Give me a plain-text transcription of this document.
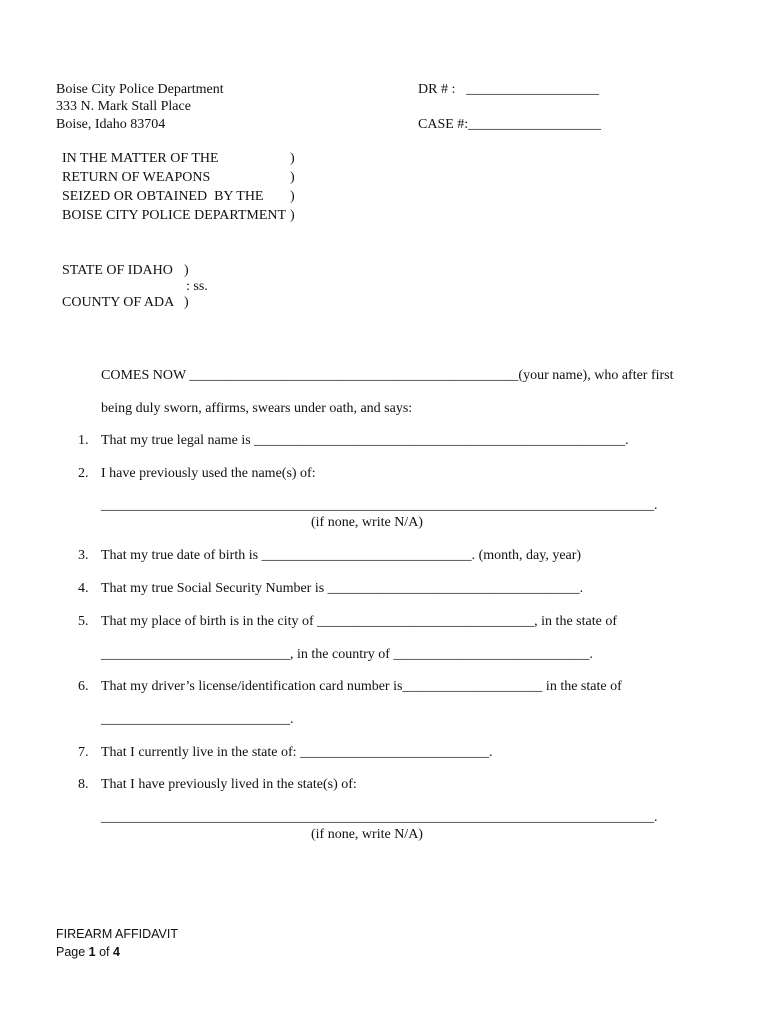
Boise City Police Department
333 N. Mark Stall Place
Boise, Idaho 83704
DR # : ___________________
CASE #: ___________________
IN THE MATTER OF THE	)
RETURN OF WEAPONS	)
SEIZED OR OBTAINED  BY THE )
BOISE CITY POLICE DEPARTMENT )
STATE OF IDAHO )
: ss.
COUNTY OF ADA )
COMES NOW _______________________________________________(your name), who after first
being duly sworn, affirms, swears under oath, and says:
1. That my true legal name is _____________________________________________________.
2. I have previously used the name(s) of:
_______________________________________________________________________________.
(if none, write N/A)
3. That my true date of birth is ______________________________. (month, day, year)
4. That my true Social Security Number is ____________________________________.
5. That my place of birth is in the city of _______________________________, in the state of
___________________________, in the country of ____________________________.
6. That my driver’s license/identification card number is____________________ in the state of
___________________________.
7. That I currently live in the state of: ___________________________.
8. That I have previously lived in the state(s) of:
_______________________________________________________________________________.
(if none, write N/A)
FIREARM AFFIDAVIT
Page 1 of 4
